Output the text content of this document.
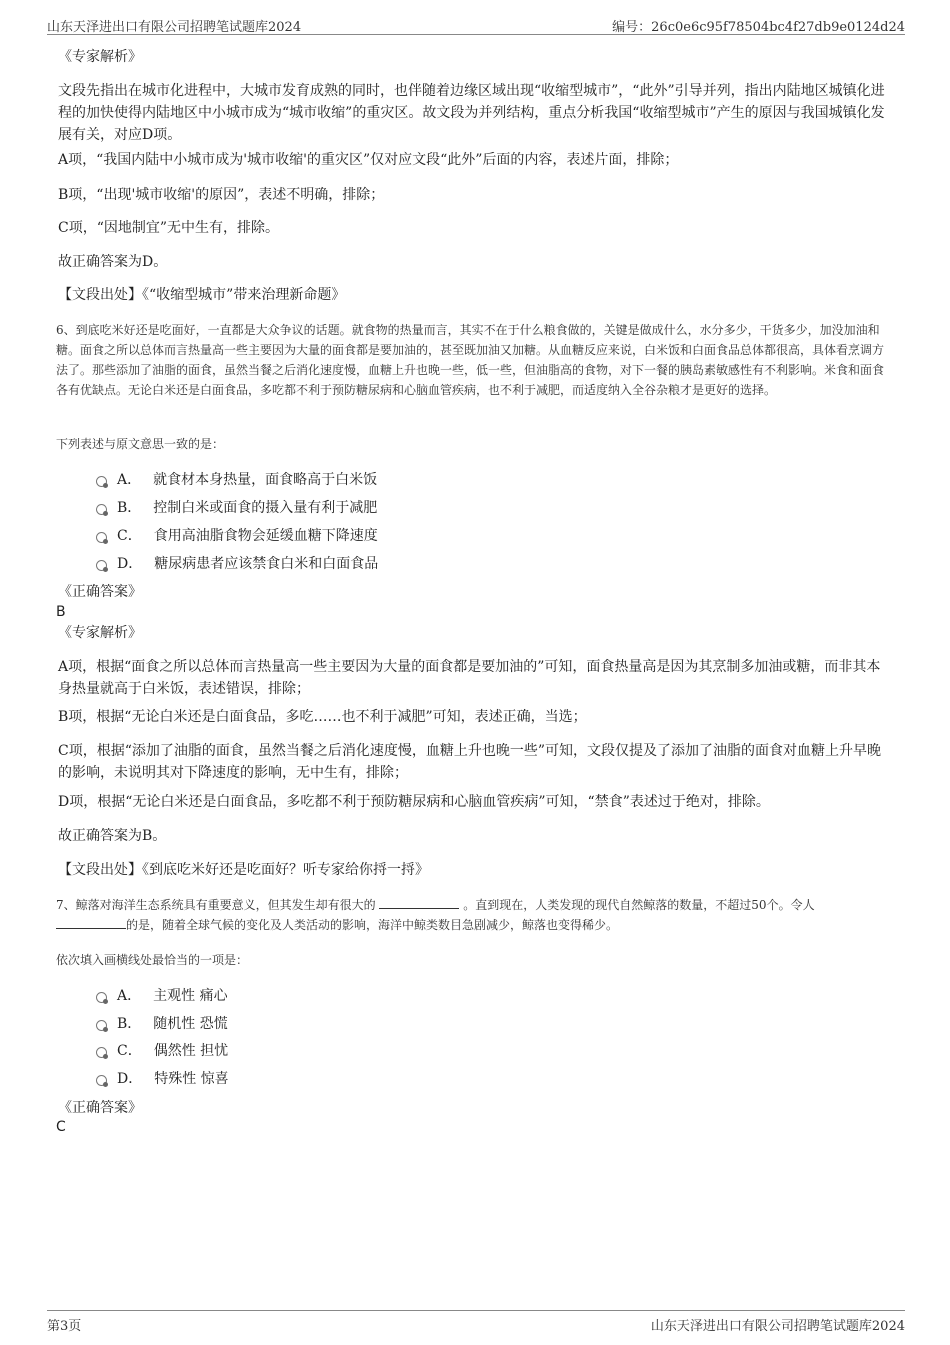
山东天泽进出口有限公司招聘笔试题库2024	编号：26c0e6c95f78504bc4f27db9e0124d24
《专家解析》
文段先指出在城市化进程中，大城市发育成熟的同时，也伴随着边缘区域出现“收缩型城市”，“此外”引导并列，指出内陆地区城镇化进程的加快使得内陆地区中小城市成为“城市收缩”的重灾区。故文段为并列结构，重点分析我国“收缩型城市”产生的原因与我国城镇化发展有关，对应D项。
A项，“我国内陆中小城市成为'城市收缩'的重灾区”仅对应文段“此外”后面的内容，表述片面，排除；
B项，“出现'城市收缩'的原因”，表述不明确，排除；
C项，“因地制宜”无中生有，排除。
故正确答案为D。
【文段出处】《“收缩型城市”带来治理新命题》
6、到底吃米好还是吃面好，一直都是大众争议的话题。就食物的热量而言，其实不在于什么粮食做的，关键是做成什么，水分多少，干货多少，加没加油和糖。面食之所以总体而言热量高一些主要因为大量的面食都是要加油的，甚至既加油又加糖。从血糖反应来说，白米饭和白面食品总体都很高，具体看烹调方法了。那些添加了油脂的面食，虽然当餐之后消化速度慢，血糖上升也晚一些，低一些，但油脂高的食物，对下一餐的胰岛素敏感性有不利影响。米食和面食各有优缺点。无论白米还是白面食品，多吃都不利于预防糖尿病和心脑血管疾病，也不利于减肥，而适度纳入全谷杂粮才是更好的选择。
下列表述与原文意思一致的是：
A． 就食材本身热量，面食略高于白米饭
B． 控制白米或面食的摄入量有利于减肥
C． 食用高油脂食物会延缓血糖下降速度
D． 糖尿病患者应该禁食白米和白面食品
《正确答案》
B
《专家解析》
A项，根据“面食之所以总体而言热量高一些主要因为大量的面食都是要加油的”可知，面食热量高是因为其烹制多加油或糖，而非其本身热量就高于白米饭，表述错误，排除；
B项，根据“无论白米还是白面食品，多吃……也不利于减肥”可知，表述正确，当选；
C项，根据“添加了油脂的面食，虽然当餐之后消化速度慢，血糖上升也晚一些”可知，文段仅提及了添加了油脂的面食对血糖上升早晚的影响，未说明其对下降速度的影响，无中生有，排除；
D项，根据“无论白米还是白面食品，多吃都不利于预防糖尿病和心脑血管疾病”可知，“禁食”表述过于绝对，排除。
故正确答案为B。
【文段出处】《到底吃米好还是吃面好？听专家给你捋一捋》
7、鲸落对海洋生态系统具有重要意义，但其发生却有很大的	。直到现在，人类发现的现代自然鲸落的数量，不超过50个。令人
的是，随着全球气候的变化及人类活动的影响，海洋中鲸类数目急剧减少，鲸落也变得稀少。
依次填入画横线处最恰当的一项是：
A． 主观性 痛心
B． 随机性 恐慌
C． 偶然性 担忧
D． 特殊性 惊喜
《正确答案》
C
第3页	山东天泽进出口有限公司招聘笔试题库2024
